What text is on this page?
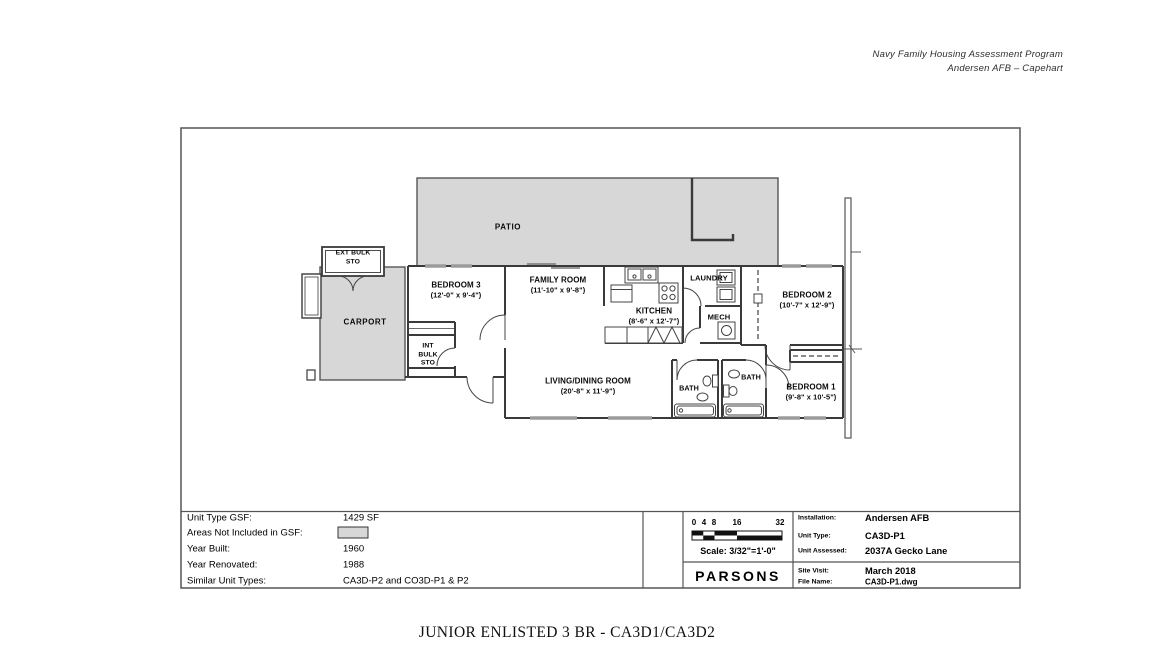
Navy Family Housing Assessment Program
Andersen AFB – Capehart
PATIO
EXT BULK
STO
CARPORT
BEDROOM 3
(12'-0" x 9'-4")
FAMILY ROOM
(11'-10" x 9'-8")
KITCHEN
(8'-6" x 12'-7")
LAUNDRY
MECH
BEDROOM 2
(10'-7" x 12'-9")
INT
BULK
STO
LIVING/DINING ROOM
(20'-8" x 11'-9")	BATH
BATH
BEDROOM 1
(9'-8" x 10'-5")
Unit Type GSF:	1429 SF
Areas Not Included in GSF:
Year Built:	1960
Year Renovated:	1988
Similar Unit Types:	CA3D-P2 and CO3D-P1 & P2
0 4 8 16	32
Scale: 3/32"=1'-0"
PARSONS
Installation:	Andersen AFB
Unit Type:	CA3D-P1
Unit Assessed: 2037A Gecko Lane
Site Visit:	March 2018
File Name:	CA3D-P1.dwg
JUNIOR ENLISTED 3 BR - CA3D1/CA3D2
